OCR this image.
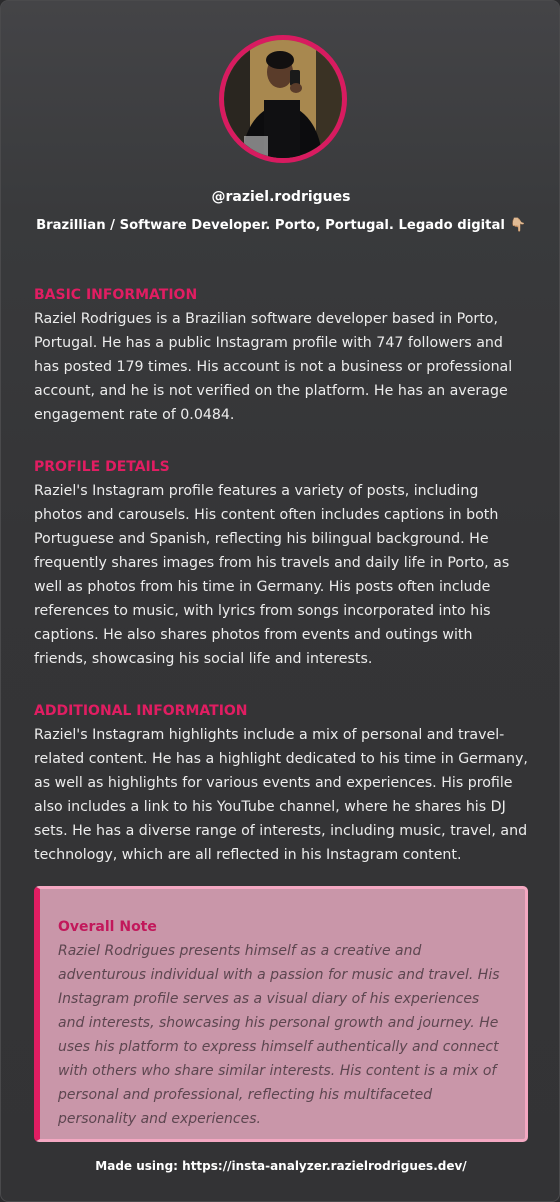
@raziel.rodrigues
Brazillian / Software Developer. Porto, Portugal. Legado digital 👇🏼
BASIC INFORMATION

Raziel Rodrigues is a Brazilian software developer based in Porto, Portugal. He has a public Instagram profile with 747 followers and has posted 179 times. His account is not a business or professional account, and he is not verified on the platform. He has an average engagement rate of 0.0484.

PROFILE DETAILS

Raziel's Instagram profile features a variety of posts, including photos and carousels. His content often includes captions in both Portuguese and Spanish, reflecting his bilingual background. He frequently shares images from his travels and daily life in Porto, as well as photos from his time in Germany. His posts often include references to music, with lyrics from songs incorporated into his captions. He also shares photos from events and outings with friends, showcasing his social life and interests.

ADDITIONAL INFORMATION

Raziel's Instagram highlights include a mix of personal and travel-related content. He has a highlight dedicated to his time in Germany, as well as highlights for various events and experiences. His profile also includes a link to his YouTube channel, where he shares his DJ sets. He has a diverse range of interests, including music, travel, and technology, which are all reflected in his Instagram content.

Overall Note

Raziel Rodrigues presents himself as a creative and adventurous individual with a passion for music and travel. His Instagram profile serves as a visual diary of his experiences and interests, showcasing his personal growth and journey. He uses his platform to express himself authentically and connect with others who share similar interests. His content is a mix of personal and professional, reflecting his multifaceted personality and experiences.

Made using: https://insta-analyzer.razielrodrigues.dev/
